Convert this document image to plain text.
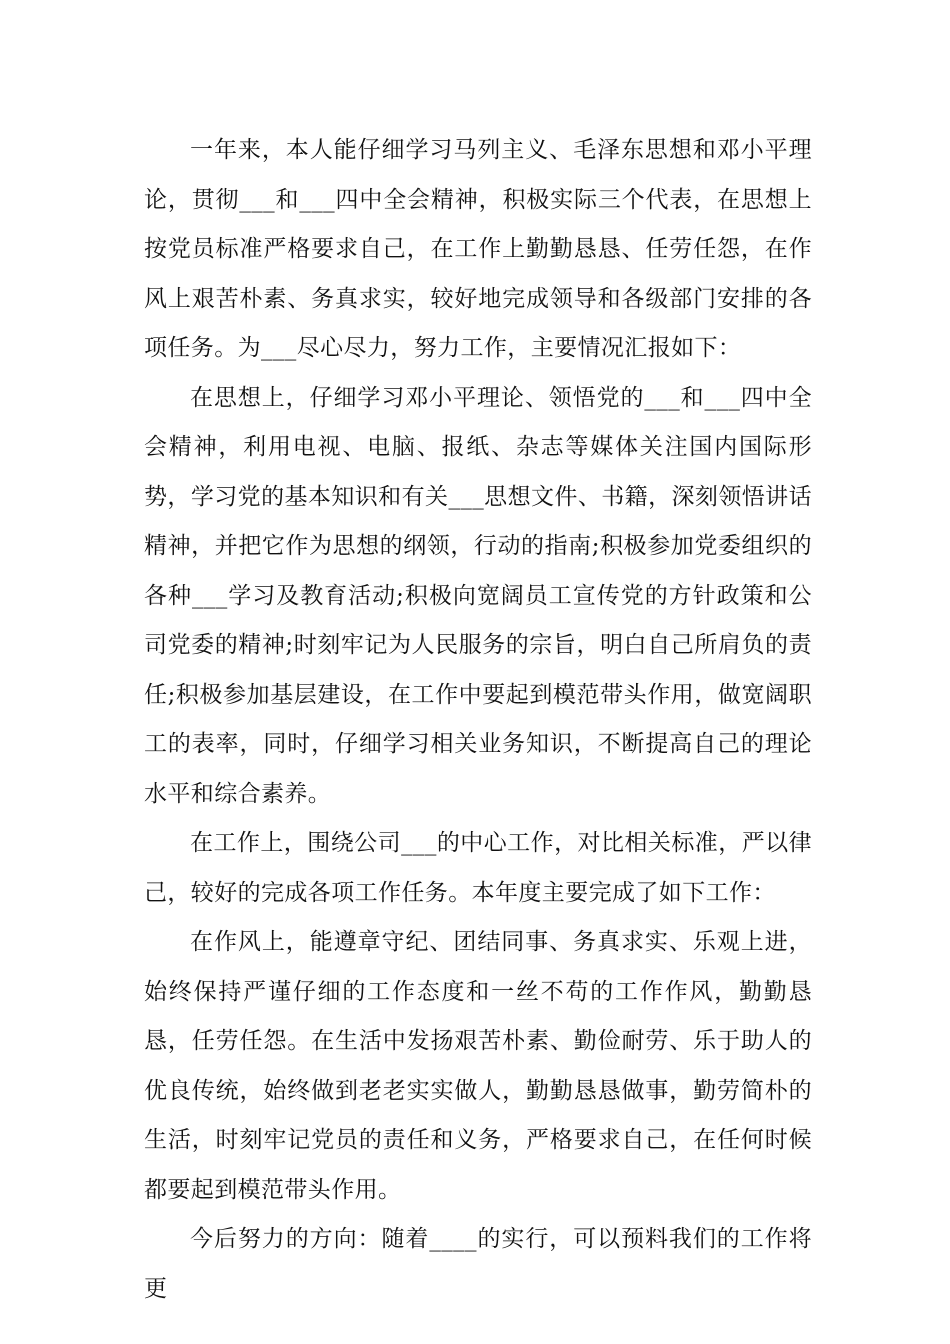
一年来，本人能仔细学习马列主义、毛泽东思想和邓小平理论，贯彻___和___四中全会精神，积极实际三个代表，在思想上按党员标准严格要求自己，在工作上勤勤恳恳、任劳任怨，在作风上艰苦朴素、务真求实，较好地完成领导和各级部门安排的各项任务。为___尽心尽力，努力工作，主要情况汇报如下：

在思想上，仔细学习邓小平理论、领悟党的___和___四中全会精神，利用电视、电脑、报纸、杂志等媒体关注国内国际形势，学习党的基本知识和有关___思想文件、书籍，深刻领悟讲话精神，并把它作为思想的纲领，行动的指南;积极参加党委组织的各种___学习及教育活动;积极向宽阔员工宣传党的方针政策和公司党委的精神;时刻牢记为人民服务的宗旨，明白自己所肩负的责任;积极参加基层建设，在工作中要起到模范带头作用，做宽阔职工的表率，同时，仔细学习相关业务知识，不断提高自己的理论水平和综合素养。

在工作上，围绕公司___的中心工作，对比相关标准，严以律己，较好的完成各项工作任务。本年度主要完成了如下工作：

在作风上，能遵章守纪、团结同事、务真求实、乐观上进，始终保持严谨仔细的工作态度和一丝不苟的工作作风，勤勤恳恳，任劳任怨。在生活中发扬艰苦朴素、勤俭耐劳、乐于助人的优良传统，始终做到老老实实做人，勤勤恳恳做事，勤劳简朴的生活，时刻牢记党员的责任和义务，严格要求自己，在任何时候都要起到模范带头作用。

今后努力的方向：随着____的实行，可以预料我们的工作将更
